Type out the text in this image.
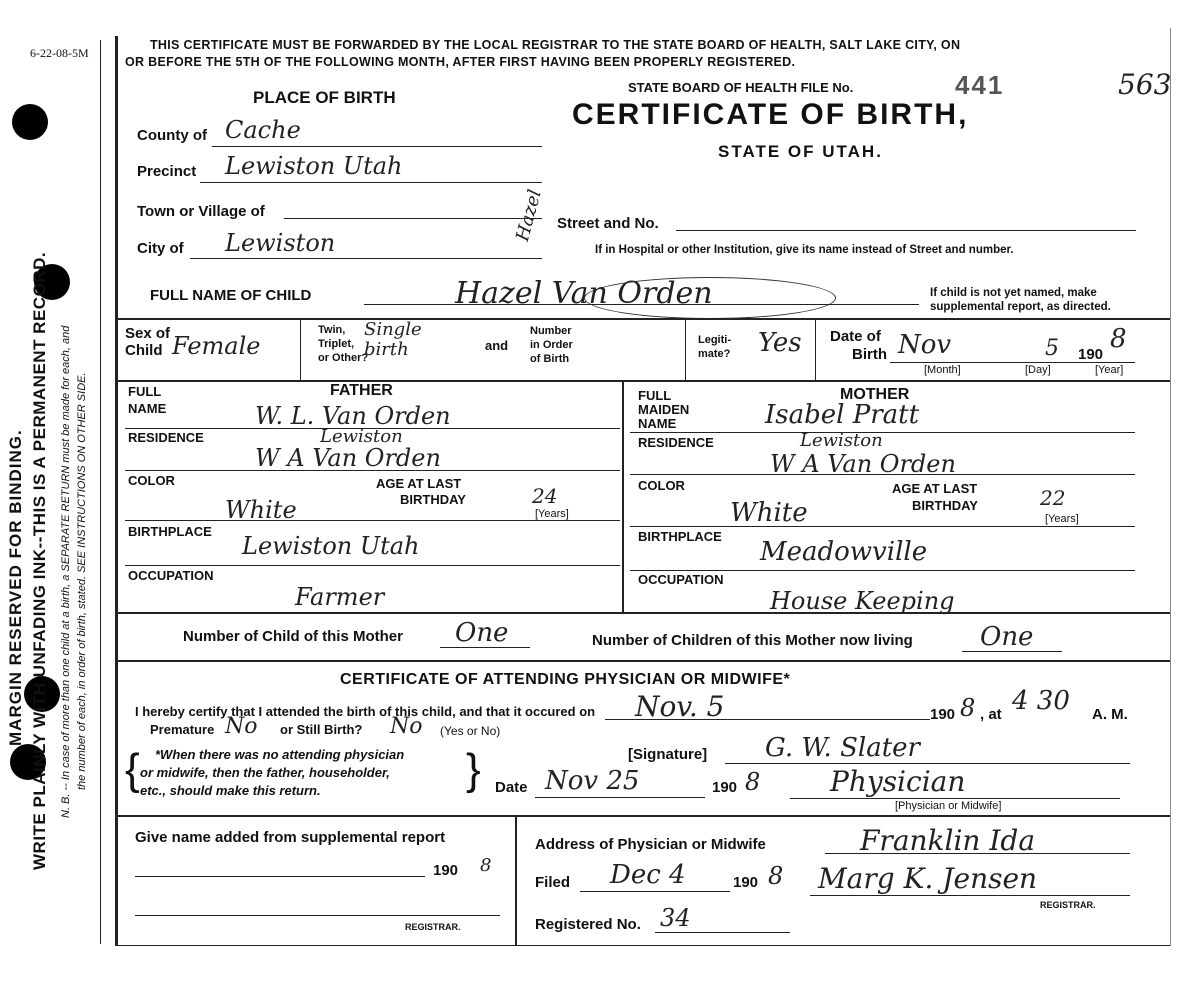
6-22-08-5M
MARGIN RESERVED FOR BINDING. WRITE PLAINLY WITH UNFADING INK--THIS IS A PERMANENT RECORD. N. B. -- In case of more than one child at a birth, a SEPARATE RETURN must be made for each, and the number of each, in order of birth, stated. SEE INSTRUCTIONS ON OTHER SIDE.
THIS CERTIFICATE MUST BE FORWARDED BY THE LOCAL REGISTRAR TO THE STATE BOARD OF HEALTH, SALT LAKE CITY, ON
OR BEFORE THE 5TH OF THE FOLLOWING MONTH, AFTER FIRST HAVING BEEN PROPERLY REGISTERED.
STATE BOARD OF HEALTH FILE No.	441	563
CERTIFICATE OF BIRTH,
STATE OF UTAH.
PLACE OF BIRTH
County of Cache
Precinct Lewiston Utah
Town or Village of
Street and No.
City of Lewiston	If in Hospital or other Institution, give its name instead of Street and number.
FULL NAME OF CHILD	Hazel Van Orden
Hazel
If child is not yet named, make
supplemental report, as directed.
Sex of
Child Female
Twin,
Triplet,
or Other?
Single birth	and
Number
in Order
of Birth
Legiti-
mate? Yes Date of
Birth Nov	5 190
8
[Month]	[Day]	[Year]
FATHER
FULL
NAME	W. L. Van Orden
RESIDENCE	Lewiston
W A Van Orden
COLOR
White
AGE AT LAST
BIRTHDAY	24
[Years]
BIRTHPLACE
Lewiston Utah
OCCUPATION
Farmer
MOTHER
FULL
MAIDEN
NAME	Isabel Pratt
RESIDENCE	Lewiston
W A Van Orden
COLOR
White
AGE AT LAST
BIRTHDAY	22
[Years]
BIRTHPLACE
Meadowville
OCCUPATION
House Keeping
Number of Child of this Mother One	Number of Children of this Mother now living	One
CERTIFICATE OF ATTENDING PHYSICIAN OR MIDWIFE*
I hereby certify that I attended the birth of this child, and that it occured on Nov. 5	190 8 , at 4 30 A. M.
Premature No or Still Birth? No (Yes or No)
{ *When there was no attending physician
or midwife, then the father, householder,
etc., should make this return.	}	[Signature] G. W. Slater
Date Nov 25	190 8 Physician
[Physician or Midwife]
Give name added from supplemental report
190 8
REGISTRAR.
Address of Physician or Midwife	Franklin Ida
Filed Dec 4	190 8 Marg K. Jensen
REGISTRAR.
Registered No. 34
